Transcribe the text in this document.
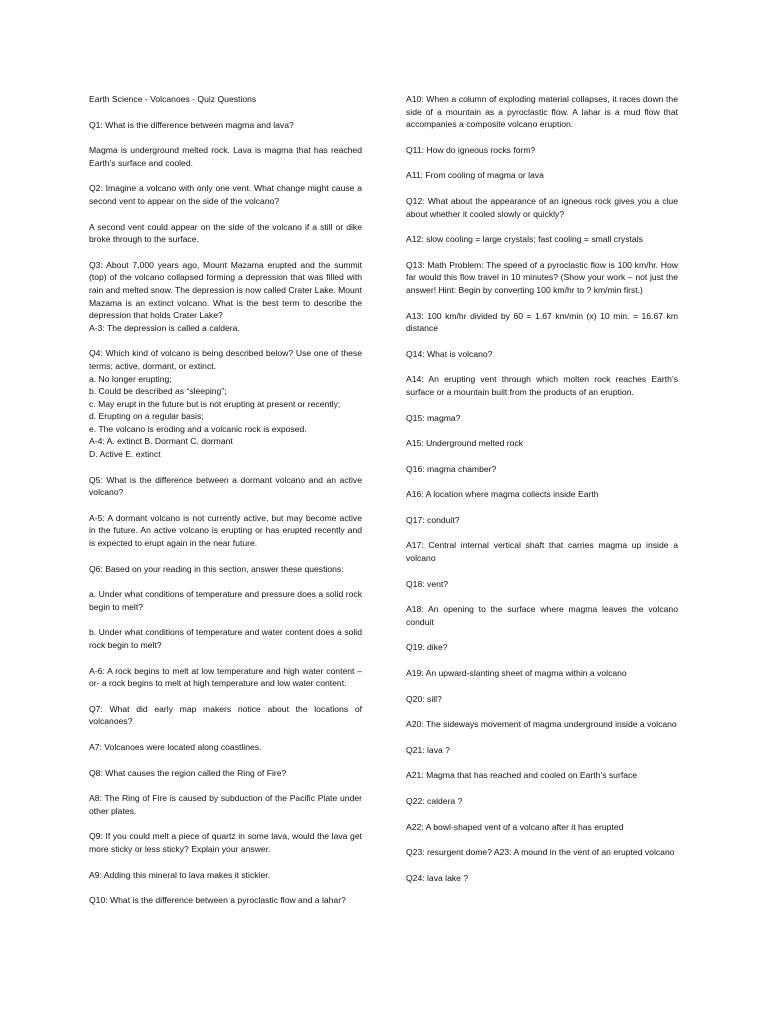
Earth Science - Volcanoes - Quiz Questions

Q1: What is the difference between magma and lava?

Magma is underground melted rock. Lava is magma that has reached Earth’s surface and cooled.

Q2: Imagine a volcano with only one vent. What change might cause a second vent to appear on the side of the volcano?

A second vent could appear on the side of the volcano if a still or dike broke through to the surface.

Q3: About 7,000 years ago, Mount Mazama erupted and the summit (top) of the volcano collapsed forming a depression that was filled with rain and melted snow. The depression is now called Crater Lake. Mount Mazama is an extinct volcano. What is the best term to describe the depression that holds Crater Lake?

A-3: The depression is called a caldera.

Q4: Which kind of volcano is being described below? Use one of these terms: active, dormant, or extinct.
a. No longer erupting;
b. Could be described as “sleeping”;
c. May erupt in the future but is not erupting at present or recently;
d. Erupting on a regular basis;
e. The volcano is eroding and a volcanic rock is exposed.
A-4: A. extinct B. Dormant C. dormant
D. Active E. extinct

Q5: What is the difference between a dormant volcano and an active volcano?

A-5: A dormant volcano is not currently active, but may become active in the future. An active volcano is erupting or has erupted recently and is expected to erupt again in the near future.

Q6: Based on your reading in this section, answer these questions:

a. Under what conditions of temperature and pressure does a solid rock begin to melt?

b. Under what conditions of temperature and water content does a solid rock begin to melt?

A-6: A rock begins to melt at low temperature and high water content –or- a rock begins to melt at high temperature and low water content.

Q7: What did early map makers notice about the locations of volcanoes?

A7: Volcanoes were located along coastlines.

Q8: What causes the region called the Ring of Fire?

A8: The Ring of Fire is caused by subduction of the Pacific Plate under other plates.

Q9: If you could melt a piece of quartz in some lava, would the lava get more sticky or less sticky? Explain your answer.

A9: Adding this mineral to lava makes it stickier.

Q10: What is the difference between a pyroclastic flow and a lahar?

A10: When a column of exploding material collapses, it races down the side of a mountain as a pyroclastic flow. A lahar is a mud flow that accompanies a composite volcano eruption.

Q11: How do igneous rocks form?

A11: From cooling of magma or lava

Q12: What about the appearance of an igneous rock gives you a clue about whether it cooled slowly or quickly?

A12: slow cooling = large crystals; fast cooling = small crystals

Q13: Math Problem: The speed of a pyroclastic flow is 100 km/hr. How far would this flow travel in 10 minutes? (Show your work – not just the answer! Hint: Begin by converting 100 km/hr to ? km/min first.)

A13: 100 km/hr divided by 60 = 1.67 km/min (x) 10 min. = 16.67 km distance

Q14: What is volcano?

A14: An erupting vent through which molten rock reaches Earth’s surface or a mountain built from the products of an eruption.

Q15: magma?

A15: Underground melted rock

Q16: magma chamber?

A16: A location where magma collects inside Earth

Q17: conduit?

A17: Central internal vertical shaft that carries magma up inside a volcano

Q18: vent?

A18: An opening to the surface where magma leaves the volcano conduit

Q19: dike?

A19: An upward-slanting sheet of magma within a volcano

Q20: sill?

A20: The sideways movement of magma underground inside a volcano

Q21: lava ?

A21: Magma that has reached and cooled on Earth’s surface

Q22: caldera ?

A22: A bowl-shaped vent of a volcano after it has erupted

Q23: resurgent dome? A23: A mound in the vent of an erupted volcano

Q24: lava lake ?
